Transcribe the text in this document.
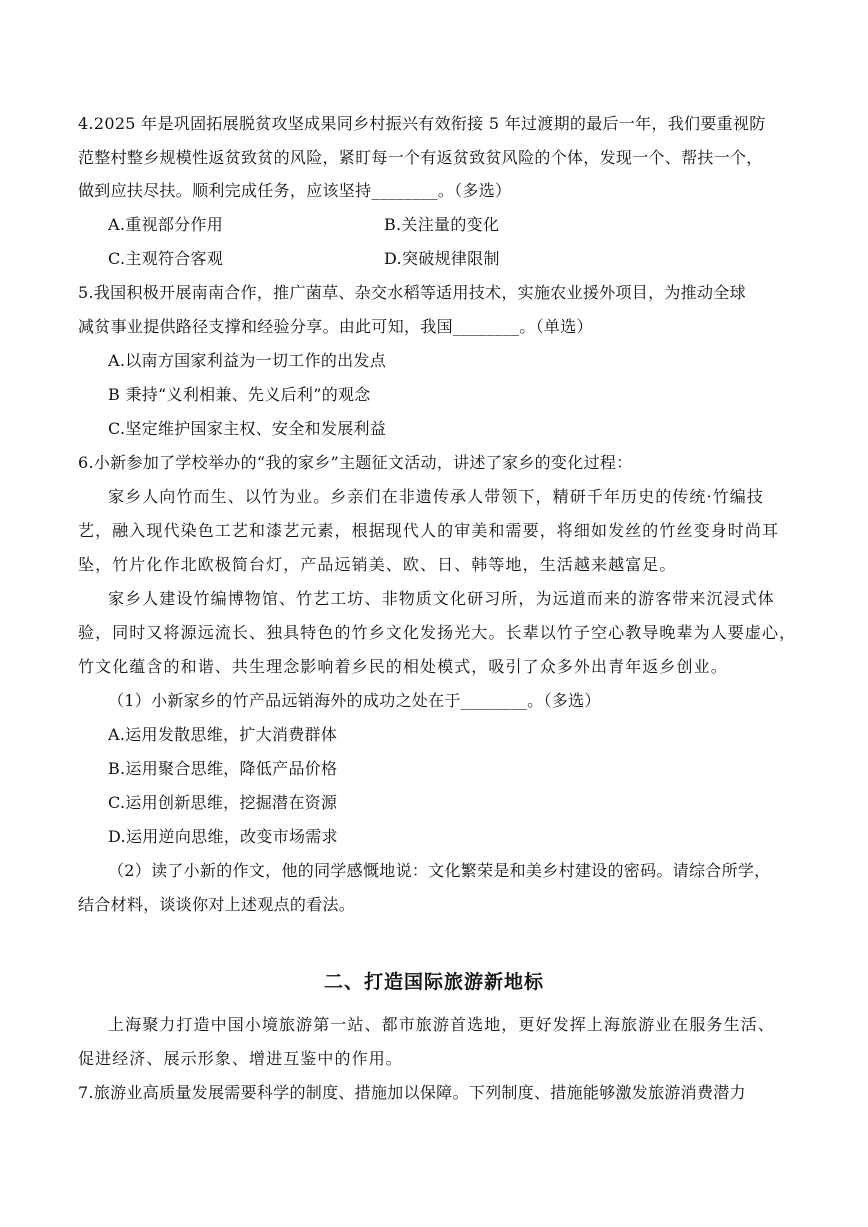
4.2025 年是巩固拓展脱贫攻坚成果同乡村振兴有效衔接 5 年过渡期的最后一年，我们要重视防
范整村整乡规模性返贫致贫的风险，紧盯每一个有返贫致贫风险的个体，发现一个、帮扶一个，
做到应扶尽扶。顺利完成任务，应该坚持________。（多选）
A.重视部分作用	B.关注量的变化
C.主观符合客观	D.突破规律限制
5.我国积极开展南南合作，推广菌草、杂交水稻等适用技术，实施农业援外项目，为推动全球
减贫事业提供路径支撑和经验分享。由此可知，我国________。（单选）
A.以南方国家利益为一切工作的出发点
B 秉持“义利相兼、先义后利”的观念
C.坚定维护国家主权、安全和发展利益
6.小新参加了学校举办的“我的家乡”主题征文活动，讲述了家乡的变化过程：
家乡人向竹而生、以竹为业。乡亲们在非遗传承人带领下，精研千年历史的传统·竹编技
艺，融入现代染色工艺和漆艺元素，根据现代人的审美和需要，将细如发丝的竹丝变身时尚耳
坠，竹片化作北欧极简台灯，产品远销美、欧、日、韩等地，生活越来越富足。
家乡人建设竹编博物馆、竹艺工坊、非物质文化研习所，为远道而来的游客带来沉浸式体
验，同时又将源远流长、独具特色的竹乡文化发扬光大。长辈以竹子空心教导晚辈为人要虚心，
竹文化蕴含的和谐、共生理念影响着乡民的相处模式，吸引了众多外出青年返乡创业。
（1）小新家乡的竹产品远销海外的成功之处在于________。（多选）
A.运用发散思维，扩大消费群体
B.运用聚合思维，降低产品价格
C.运用创新思维，挖掘潜在资源
D.运用逆向思维，改变市场需求
（2）读了小新的作文，他的同学感慨地说：文化繁荣是和美乡村建设的密码。请综合所学，
结合材料，谈谈你对上述观点的看法。
二、打造国际旅游新地标
上海聚力打造中国小境旅游第一站、都市旅游首选地，更好发挥上海旅游业在服务生活、
促进经济、展示形象、增进互鉴中的作用。
7.旅游业高质量发展需要科学的制度、措施加以保障。下列制度、措施能够激发旅游消费潜力
